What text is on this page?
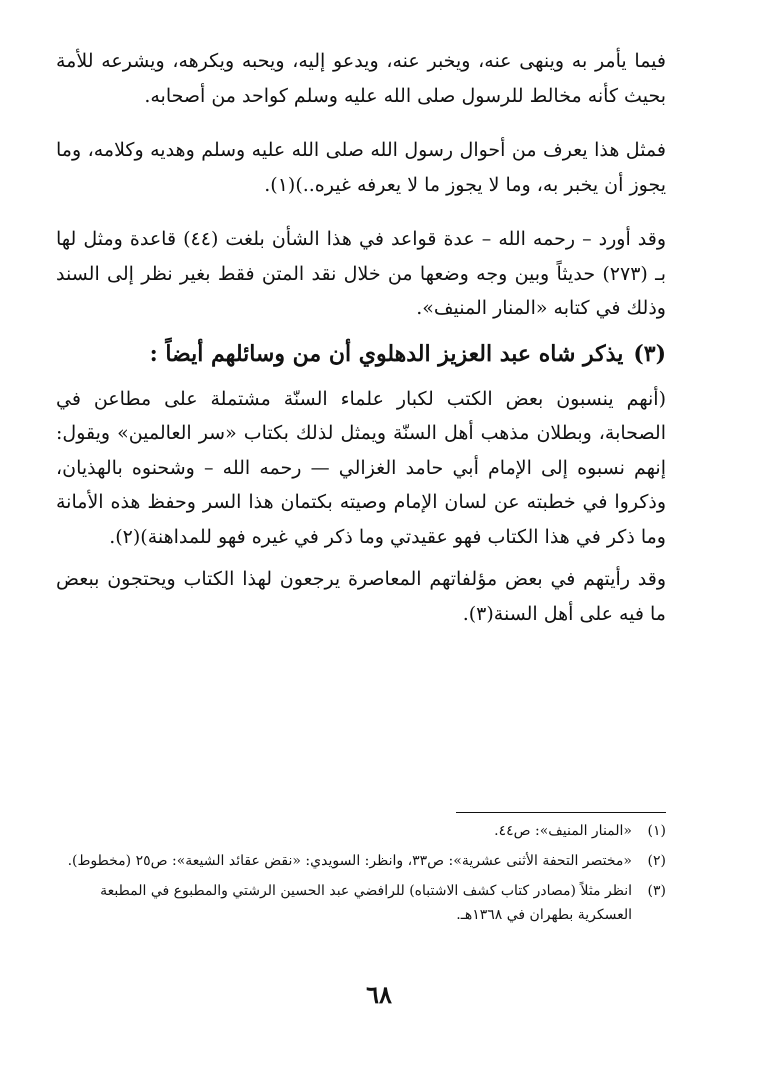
فيما يأمر به وينهى عنه، ويخبر عنه، ويدعو إليه، ويحبه ويكرهه، ويشرعه للأمة بحيث كأنه مخالط للرسول صلى الله عليه وسلم كواحد من أصحابه.

فمثل هذا يعرف من أحوال رسول الله صلى الله عليه وسلم وهديه وكلامه، وما يجوز أن يخبر به، وما لا يجوز ما لا يعرفه غيره..)(١).

وقد أورد – رحمه الله – عدة قواعد في هذا الشأن بلغت (٤٤) قاعدة ومثل لها بـ (٢٧٣) حديثاً وبين وجه وضعها من خلال نقد المتن فقط بغير نظر إلى السند وذلك في كتابه «المنار المنيف».

(٣)يذكر شاه عبد العزيز الدهلوي أن من وسائلهم أيضاً :

(أنهم ينسبون بعض الكتب لكبار علماء السنّة مشتملة على مطاعن في الصحابة، وبطلان مذهب أهل السنّة ويمثل لذلك بكتاب «سر العالمين» ويقول: إنهم نسبوه إلى الإمام أبي حامد الغزالي — رحمه الله – وشحنوه بالهذيان، وذكروا في خطبته عن لسان الإمام وصيته بكتمان هذا السر وحفظ هذه الأمانة وما ذكر في هذا الكتاب فهو عقيدتي وما ذكر في غيره فهو للمداهنة)(٢).

وقد رأيتهم في بعض مؤلفاتهم المعاصرة يرجعون لهذا الكتاب ويحتجون ببعض ما فيه على أهل السنة(٣).

(١)
«المنار المنيف»: ص٤٤.
(٢)
«مختصر التحفة الأثنى عشرية»: ص٣٣، وانظر: السويدي: «نقض عقائد الشيعة»: ص٢٥ (مخطوط).
(٣)
انظر مثلاً (مصادر كتاب كشف الاشتباه) للرافضي عبد الحسين الرشتي والمطبوع في المطبعة العسكرية بطهران في ١٣٦٨هـ.
٦٨
